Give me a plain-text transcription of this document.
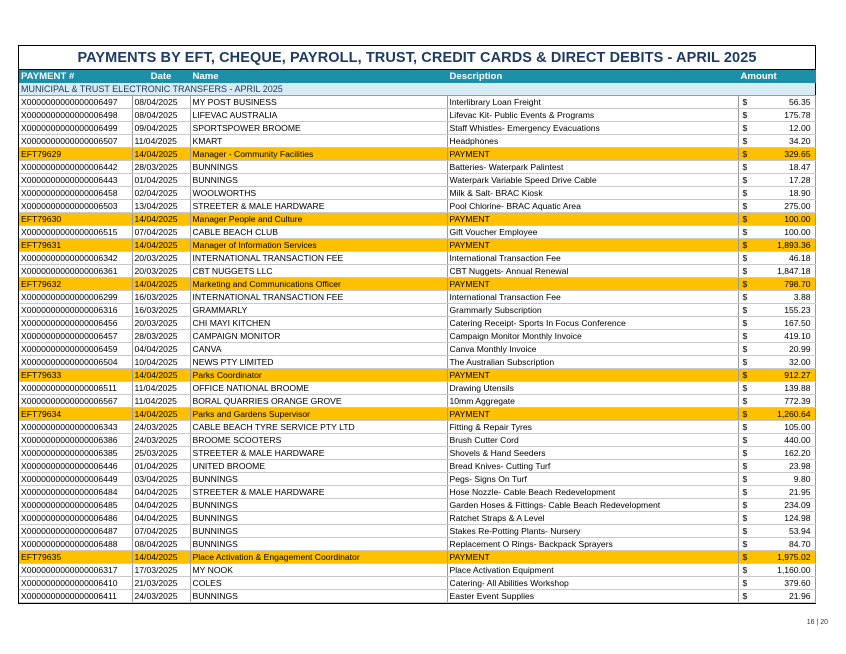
PAYMENTS BY EFT, CHEQUE, PAYROLL, TRUST, CREDIT CARDS & DIRECT DEBITS - APRIL 2025
PAYMENT #	Date	Name	Description	Amount	
MUNICIPAL & TRUST ELECTRONIC TRANSFERS - APRIL 2025					
X0000000000000006497	08/04/2025	MY POST BUSINESS	Interlibrary Loan Freight	$	56.35
X0000000000000006498	08/04/2025	LIFEVAC AUSTRALIA	Lifevac Kit- Public Events & Programs	$	175.78
X0000000000000006499	09/04/2025	SPORTSPOWER BROOME	Staff Whistles- Emergency Evacuations	$	12.00
X0000000000000006507	11/04/2025	KMART	Headphones	$	34.20
EFT79629	14/04/2025	Manager - Community Facilities	PAYMENT	$	329.65
X0000000000000006442	28/03/2025	BUNNINGS	Batteries- Waterpark Palintest	$	18.47
X0000000000000006443	01/04/2025	BUNNINGS	Waterpark Variable Speed Drive Cable	$	17.28
X0000000000000006458	02/04/2025	WOOLWORTHS	Milk & Salt- BRAC Kiosk	$	18.90
X0000000000000006503	13/04/2025	STREETER & MALE HARDWARE	Pool Chlorine- BRAC Aquatic Area	$	275.00
EFT79630	14/04/2025	Manager People and Culture	PAYMENT	$	100.00
X0000000000000006515	07/04/2025	CABLE BEACH CLUB	Gift Voucher Employee	$	100.00
EFT79631	14/04/2025	Manager of Information Services	PAYMENT	$	1,893.36
X0000000000000006342	20/03/2025	INTERNATIONAL TRANSACTION FEE	International Transaction Fee	$	46.18
X0000000000000006361	20/03/2025	CBT NUGGETS LLC	CBT Nuggets- Annual Renewal	$	1,847.18
EFT79632	14/04/2025	Marketing and Communications Officer	PAYMENT	$	798.70
X0000000000000006299	16/03/2025	INTERNATIONAL TRANSACTION FEE	International Transaction Fee	$	3.88
X0000000000000006316	16/03/2025	GRAMMARLY	Grammarly Subscription	$	155.23
X0000000000000006456	20/03/2025	CHI MAYI KITCHEN	Catering Receipt- Sports In Focus Conference	$	167.50
X0000000000000006457	28/03/2025	CAMPAIGN MONITOR	Campaign Monitor Monthly Invoice	$	419.10
X0000000000000006459	04/04/2025	CANVA	Canva Monthly Invoice	$	20.99
X0000000000000006504	10/04/2025	NEWS PTY LIMITED	The Australian Subscription	$	32.00
EFT79633	14/04/2025	Parks Coordinator	PAYMENT	$	912.27
X0000000000000006511	11/04/2025	OFFICE NATIONAL BROOME	Drawing Utensils	$	139.88
X0000000000000006567	11/04/2025	BORAL QUARRIES ORANGE GROVE	10mm Aggregate	$	772.39
EFT79634	14/04/2025	Parks and Gardens Supervisor	PAYMENT	$	1,260.64
X0000000000000006343	24/03/2025	CABLE BEACH TYRE SERVICE PTY LTD	Fitting & Repair Tyres	$	105.00
X0000000000000006386	24/03/2025	BROOME SCOOTERS	Brush Cutter Cord	$	440.00
X0000000000000006385	25/03/2025	STREETER & MALE HARDWARE	Shovels & Hand Seeders	$	162.20
X0000000000000006446	01/04/2025	UNITED BROOME	Bread Knives- Cutting Turf	$	23.98
X0000000000000006449	03/04/2025	BUNNINGS	Pegs- Signs On Turf	$	9.80
X0000000000000006484	04/04/2025	STREETER & MALE HARDWARE	Hose Nozzle- Cable Beach Redevelopment	$	21.95
X0000000000000006485	04/04/2025	BUNNINGS	Garden Hoses & Fittings- Cable Beach Redevelopment	$	234.09
X0000000000000006486	04/04/2025	BUNNINGS	Ratchet Straps & A Level	$	124.98
X0000000000000006487	07/04/2025	BUNNINGS	Stakes Re-Potting Plants- Nursery	$	53.94
X0000000000000006488	08/04/2025	BUNNINGS	Replacement O Rings- Backpack Sprayers	$	84.70
EFT79635	14/04/2025	Place Activation & Engagement Coordinator	PAYMENT	$	1,975.02
X0000000000000006317	17/03/2025	MY NOOK	Place Activation Equipment	$	1,160.00
X0000000000000006410	21/03/2025	COLES	Catering- All Abilities Workshop	$	379.60
X0000000000000006411	24/03/2025	BUNNINGS	Easter Event Supplies	$	21.96
16 | 20
